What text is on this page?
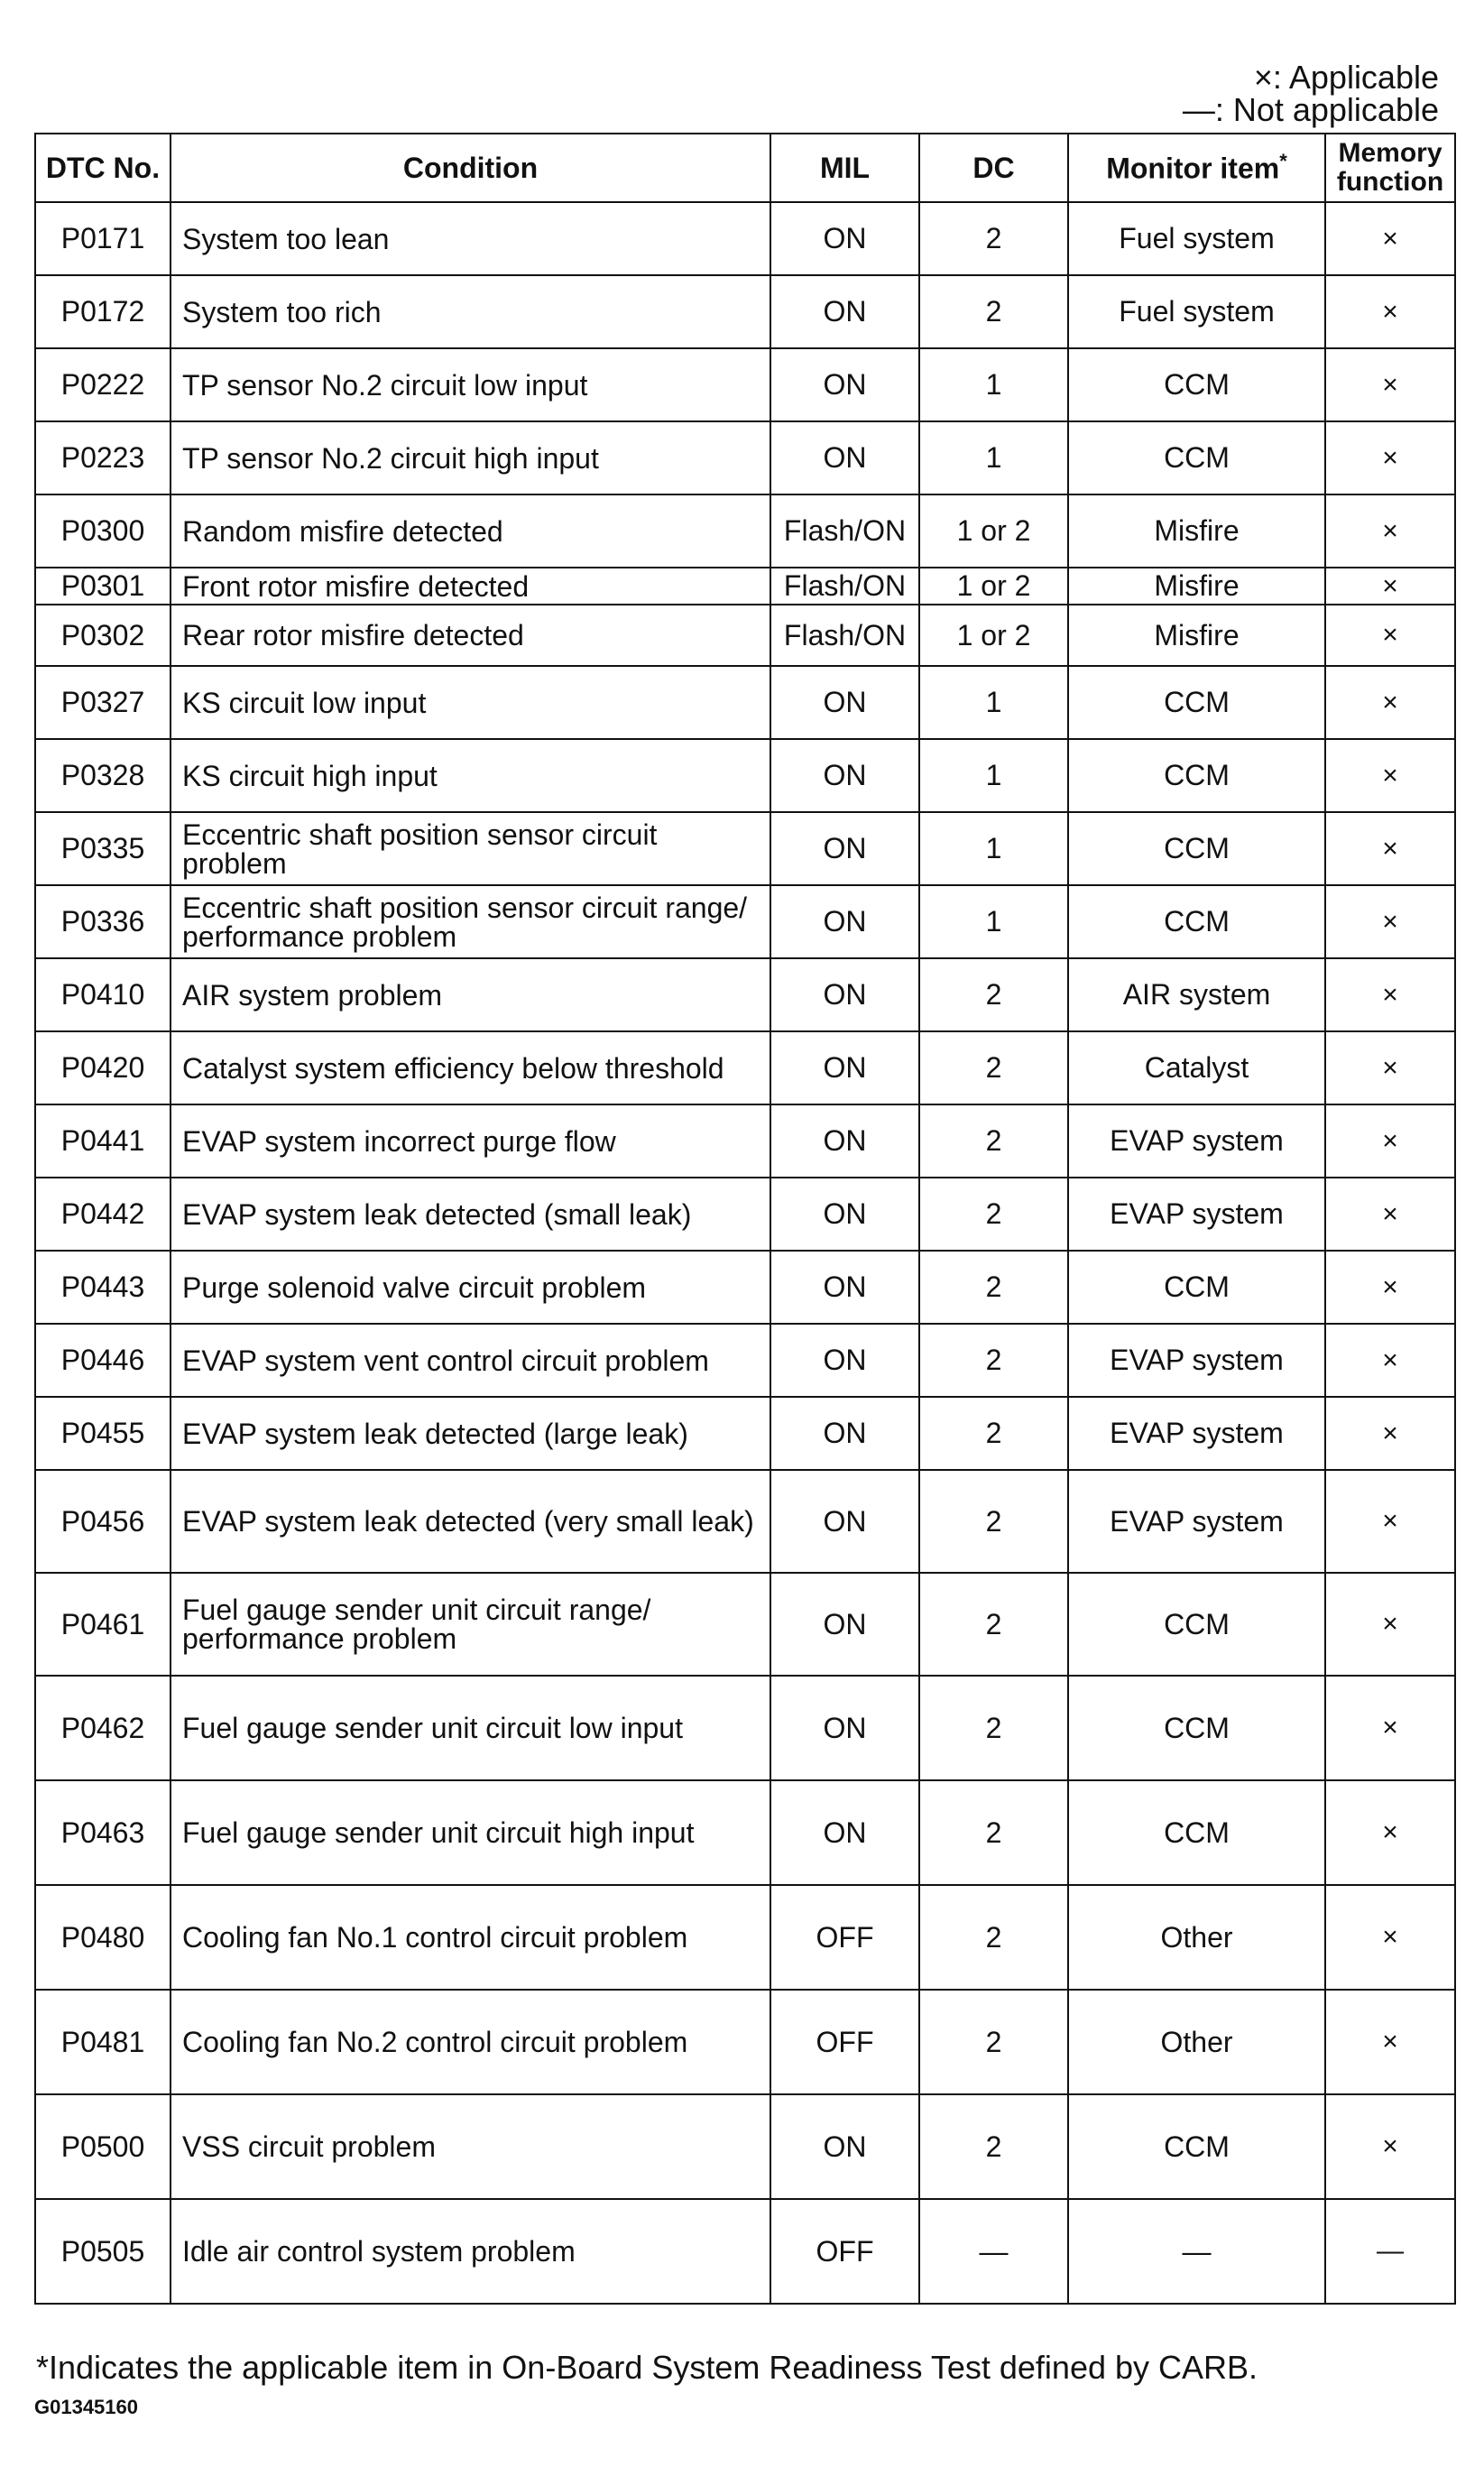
×: Applicable
—: Not applicable
DTC No.	Condition	MIL	DC	Monitor item*	Memory
function

P0171	System too lean	ON	2	Fuel system	×
P0172	System too rich	ON	2	Fuel system	×
P0222	TP sensor No.2 circuit low input	ON	1	CCM	×
P0223	TP sensor No.2 circuit high input	ON	1	CCM	×
P0300	Random misfire detected	Flash/ON	1 or 2	Misfire	×
P0301	Front rotor misfire detected	Flash/ON	1 or 2	Misfire	×
P0302	Rear rotor misfire detected	Flash/ON	1 or 2	Misfire	×
P0327	KS circuit low input	ON	1	CCM	×
P0328	KS circuit high input	ON	1	CCM	×
P0335	Eccentric shaft position sensor circuit problem	ON	1	CCM	×
P0336	Eccentric shaft position sensor circuit range/ performance problem	ON	1	CCM	×
P0410	AIR system problem	ON	2	AIR system	×
P0420	Catalyst system efficiency below threshold	ON	2	Catalyst	×
P0441	EVAP system incorrect purge flow	ON	2	EVAP system	×
P0442	EVAP system leak detected (small leak)	ON	2	EVAP system	×
P0443	Purge solenoid valve circuit problem	ON	2	CCM	×
P0446	EVAP system vent control circuit problem	ON	2	EVAP system	×
P0455	EVAP system leak detected (large leak)	ON	2	EVAP system	×
P0456	EVAP system leak detected (very small leak)	ON	2	EVAP system	×
P0461	Fuel gauge sender unit circuit range/ performance problem	ON	2	CCM	×
P0462	Fuel gauge sender unit circuit low input	ON	2	CCM	×
P0463	Fuel gauge sender unit circuit high input	ON	2	CCM	×
P0480	Cooling fan No.1 control circuit problem	OFF	2	Other	×
P0481	Cooling fan No.2 control circuit problem	OFF	2	Other	×
P0500	VSS circuit problem	ON	2	CCM	×
P0505	Idle air control system problem	OFF	—	—	—
*Indicates the applicable item in On-Board System Readiness Test defined by CARB.
G01345160
